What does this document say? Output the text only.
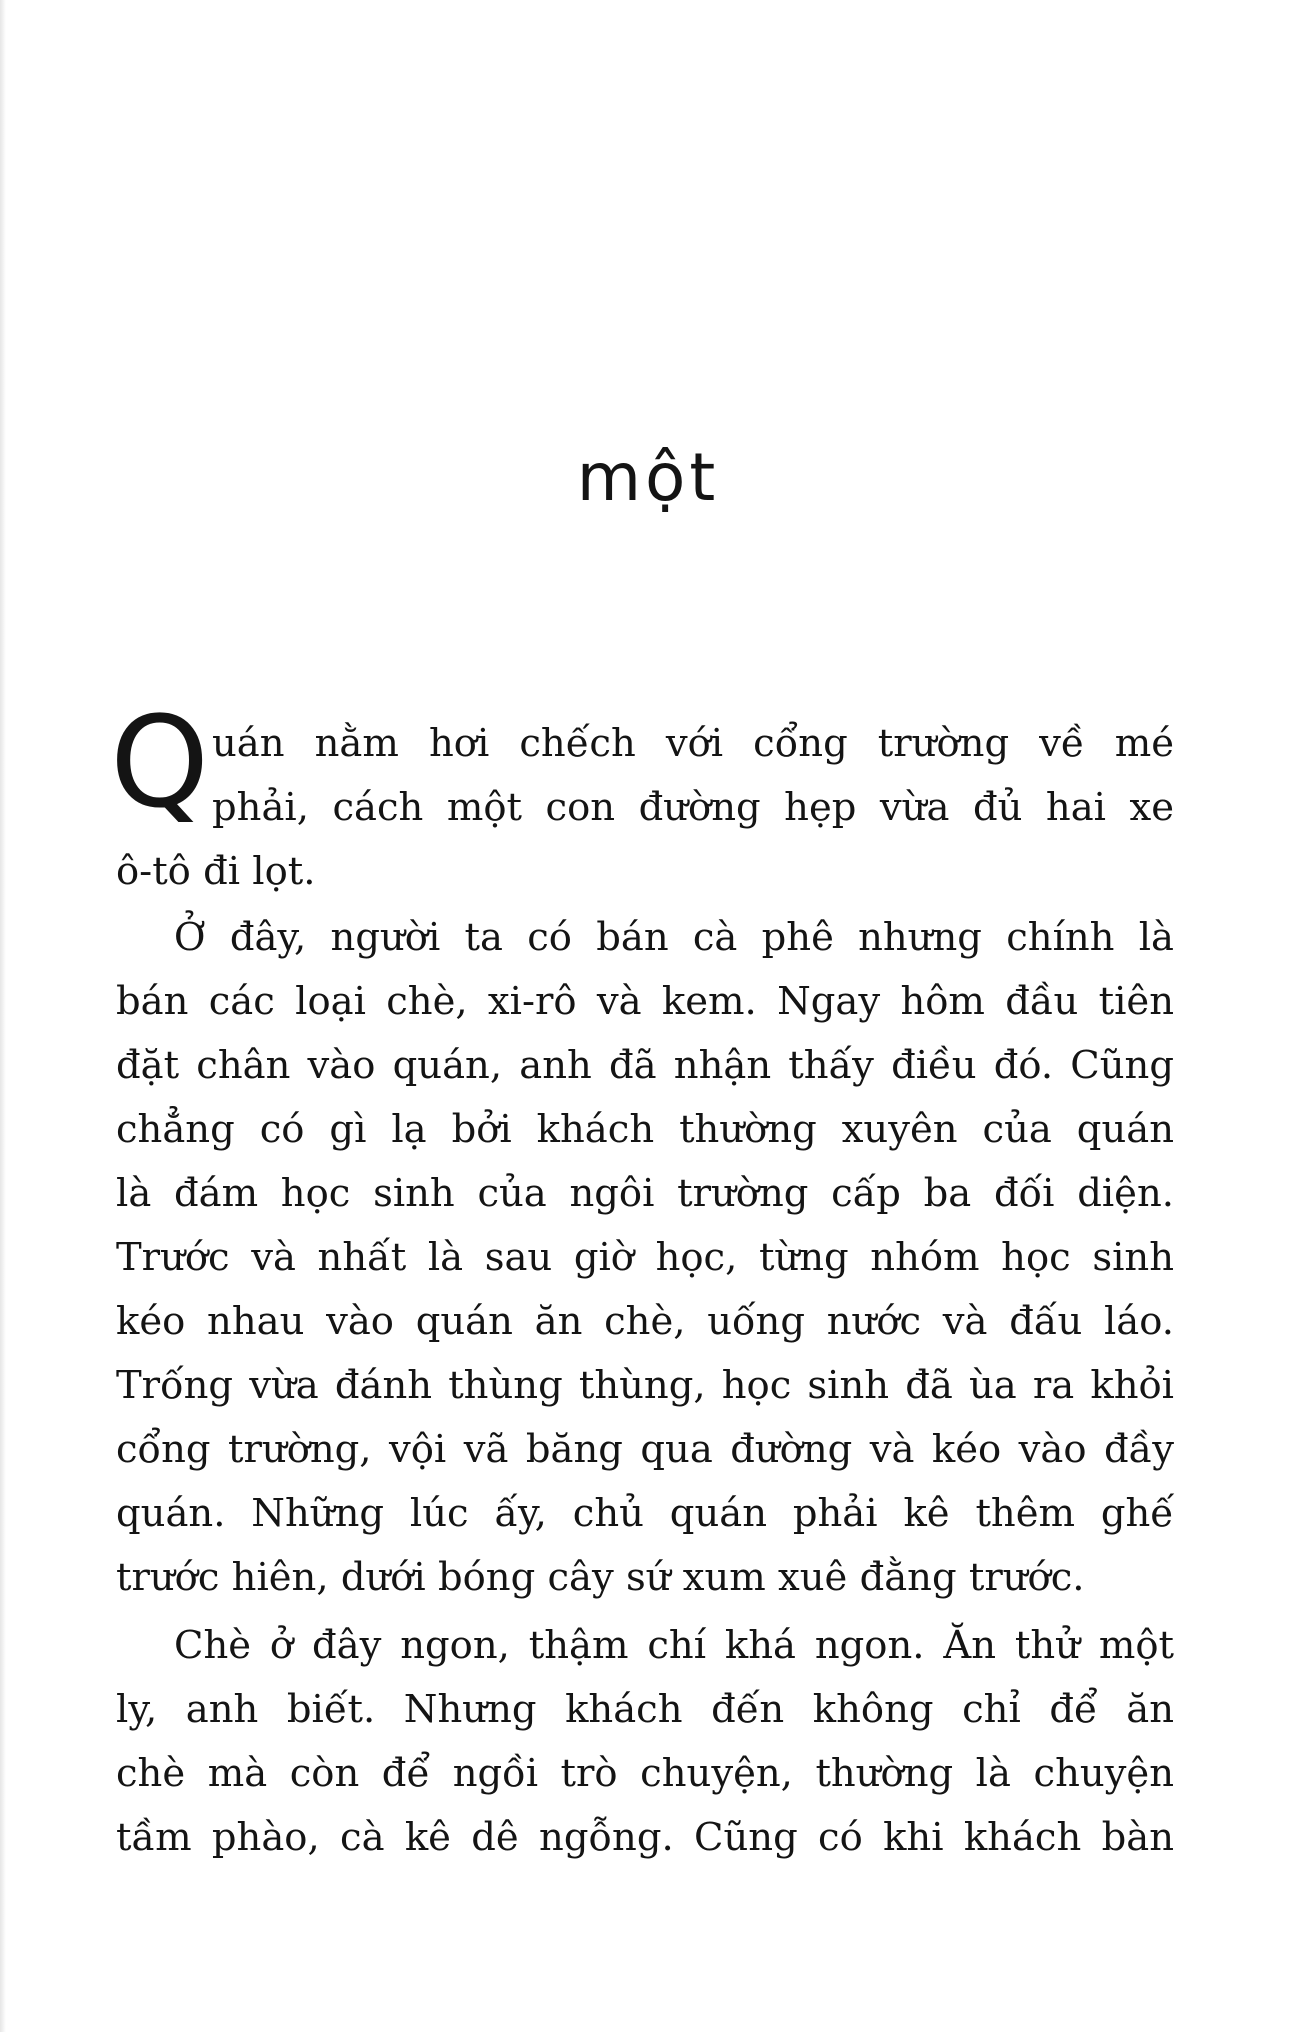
một
Q uán nằm hơi chếch với cổng trường về mé
phải, cách một con đường hẹp vừa đủ hai xe
ô-tô đi lọt.
Ở đây, người ta có bán cà phê nhưng chính là
bán các loại chè, xi-rô và kem. Ngay hôm đầu tiên
đặt chân vào quán, anh đã nhận thấy điều đó. Cũng
chẳng có gì lạ bởi khách thường xuyên của quán
là đám học sinh của ngôi trường cấp ba đối diện.
Trước và nhất là sau giờ học, từng nhóm học sinh
kéo nhau vào quán ăn chè, uống nước và đấu láo.
Trống vừa đánh thùng thùng, học sinh đã ùa ra khỏi
cổng trường, vội vã băng qua đường và kéo vào đầy
quán. Những lúc ấy, chủ quán phải kê thêm ghế
trước hiên, dưới bóng cây sứ xum xuê đằng trước.
Chè ở đây ngon, thậm chí khá ngon. Ăn thử một
ly, anh biết. Nhưng khách đến không chỉ để ăn
chè mà còn để ngồi trò chuyện, thường là chuyện
tầm phào, cà kê dê ngỗng. Cũng có khi khách bàn
